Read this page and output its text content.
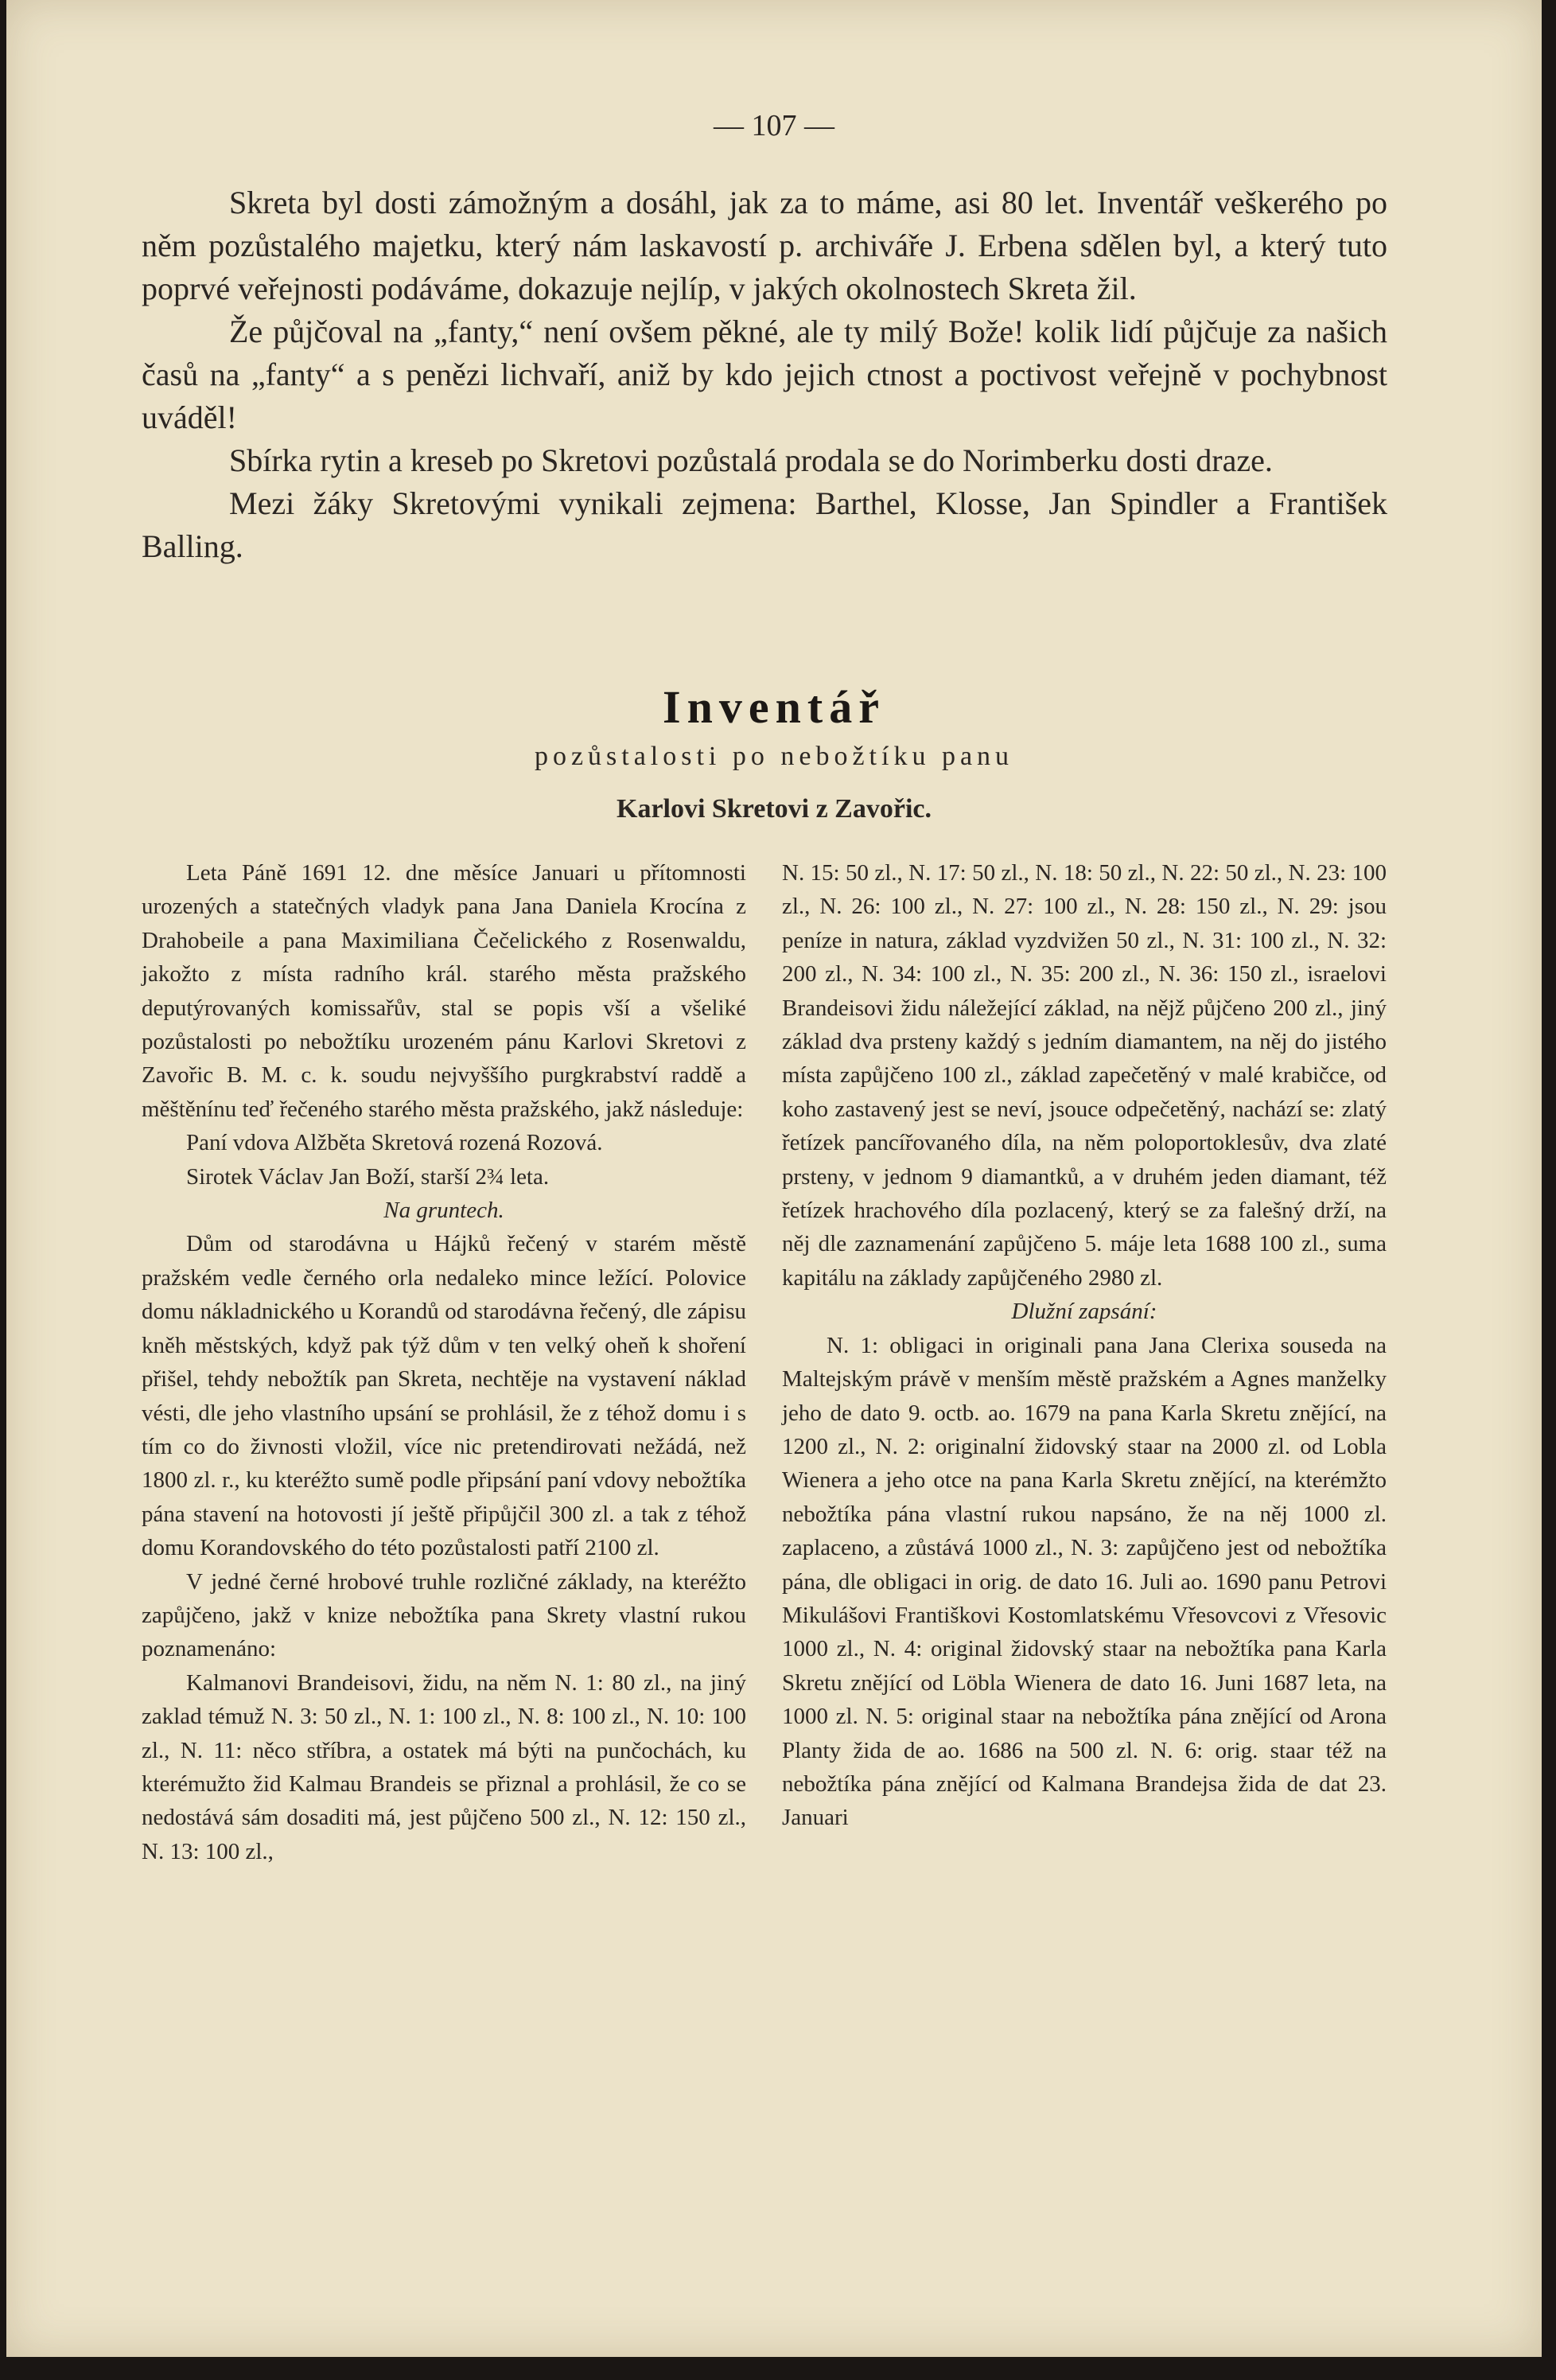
— 107 —

Skreta byl dosti zámožným a dosáhl, jak za to máme, asi 80 let. Inventář veškerého po něm pozůstalého majetku, který nám laskavostí p. archiváře J. Erbena sdělen byl, a který tuto poprvé veřejnosti podáváme, dokazuje nejlíp, v jakých okolnostech Skreta žil.

Že půjčoval na „fanty,“ není ovšem pěkné, ale ty milý Bože! kolik lidí půjčuje za našich časů na „fanty“ a s penězi lichvaří, aniž by kdo jejich ctnost a poctivost veřejně v pochybnost uváděl!

Sbírka rytin a kreseb po Skretovi pozůstalá prodala se do Norimberku dosti draze.

Mezi žáky Skretovými vynikali zejmena: Barthel, Klosse, Jan Spindler a František Balling.

Inventář
pozůstalosti po nebožtíku panu
Karlovi Skretovi z Zavořic.

Leta Páně 1691 12. dne měsíce Januari u přítomnosti urozených a statečných vladyk pana Jana Daniela Krocína z Drahobeile a pana Maximiliana Čečelického z Rosenwaldu, jakožto z místa radního král. starého města pražského deputýrovaných komissařův, stal se popis vší a všeliké pozůstalosti po nebožtíku urozeném pánu Karlovi Skretovi z Zavořic B. M. c. k. soudu nejvyššího purgkrabství raddě a měštěnínu teď řečeného starého města pražského, jakž následuje:

Paní vdova Alžběta Skretová rozená Rozová.

Sirotek Václav Jan Boží, starší 2¾ leta.

Na gruntech.

Dům od starodávna u Hájků řečený v starém městě pražském vedle černého orla nedaleko mince ležící. Polovice domu nákladnického u Korandů od starodávna řečený, dle zápisu kněh městských, když pak týž dům v ten velký oheň k shoření přišel, tehdy nebožtík pan Skreta, nechtěje na vystavení náklad vésti, dle jeho vlastního upsání se prohlásil, že z téhož domu i s tím co do živnosti vložil, více nic pretendirovati nežádá, než 1800 zl. r., ku kteréžto sumě podle připsání paní vdovy nebožtíka pána stavení na hotovosti jí ještě připůjčil 300 zl. a tak z téhož domu Korandovského do této pozůstalosti patří 2100 zl.

V jedné černé hrobové truhle rozličné základy, na kteréžto zapůjčeno, jakž v knize nebožtíka pana Skrety vlastní rukou poznamenáno:

Kalmanovi Brandeisovi, židu, na něm N. 1: 80 zl., na jiný zaklad témuž N. 3: 50 zl., N. 1: 100 zl., N. 8: 100 zl., N. 10: 100 zl., N. 11: něco stříbra, a ostatek má býti na punčochách, ku kterémužto žid Kalmau Brandeis se přiznal a prohlásil, že co se nedostává sám dosaditi má, jest půjčeno 500 zl., N. 12: 150 zl., N. 13: 100 zl.,

N. 15: 50 zl., N. 17: 50 zl., N. 18: 50 zl., N. 22: 50 zl., N. 23: 100 zl., N. 26: 100 zl., N. 27: 100 zl., N. 28: 150 zl., N. 29: jsou peníze in natura, základ vyzdvižen 50 zl., N. 31: 100 zl., N. 32: 200 zl., N. 34: 100 zl., N. 35: 200 zl., N. 36: 150 zl., israelovi Brandeisovi židu náležející základ, na nějž půjčeno 200 zl., jiný základ dva prsteny každý s jedním diamantem, na něj do jistého místa zapůjčeno 100 zl., základ zapečetěný v malé krabičce, od koho zastavený jest se neví, jsouce odpečetěný, nachází se: zlatý řetízek pancířovaného díla, na něm poloportoklesův, dva zlaté prsteny, v jednom 9 diamantků, a v druhém jeden diamant, též řetízek hrachového díla pozlacený, který se za falešný drží, na něj dle zaznamenání zapůjčeno 5. máje leta 1688 100 zl., suma kapitálu na základy zapůjčeného 2980 zl.

Dlužní zapsání:

N. 1: obligaci in originali pana Jana Clerixa souseda na Maltejským právě v menším městě pražském a Agnes manželky jeho de dato 9. octb. ao. 1679 na pana Karla Skretu znějící, na 1200 zl., N. 2: originalní židovský staar na 2000 zl. od Lobla Wienera a jeho otce na pana Karla Skretu znějící, na kterémžto nebožtíka pána vlastní rukou napsáno, že na něj 1000 zl. zaplaceno, a zůstává 1000 zl., N. 3: zapůjčeno jest od nebožtíka pána, dle obligaci in orig. de dato 16. Juli ao. 1690 panu Petrovi Mikulášovi Františkovi Kostomlatskému Vřesovcovi z Vřesovic 1000 zl., N. 4: original židovský staar na nebožtíka pana Karla Skretu znějící od Löbla Wienera de dato 16. Juni 1687 leta, na 1000 zl. N. 5: original staar na nebožtíka pána znějící od Arona Planty žida de ao. 1686 na 500 zl. N. 6: orig. staar též na nebožtíka pána znějící od Kalmana Brandejsa žida de dat 23. Januari
